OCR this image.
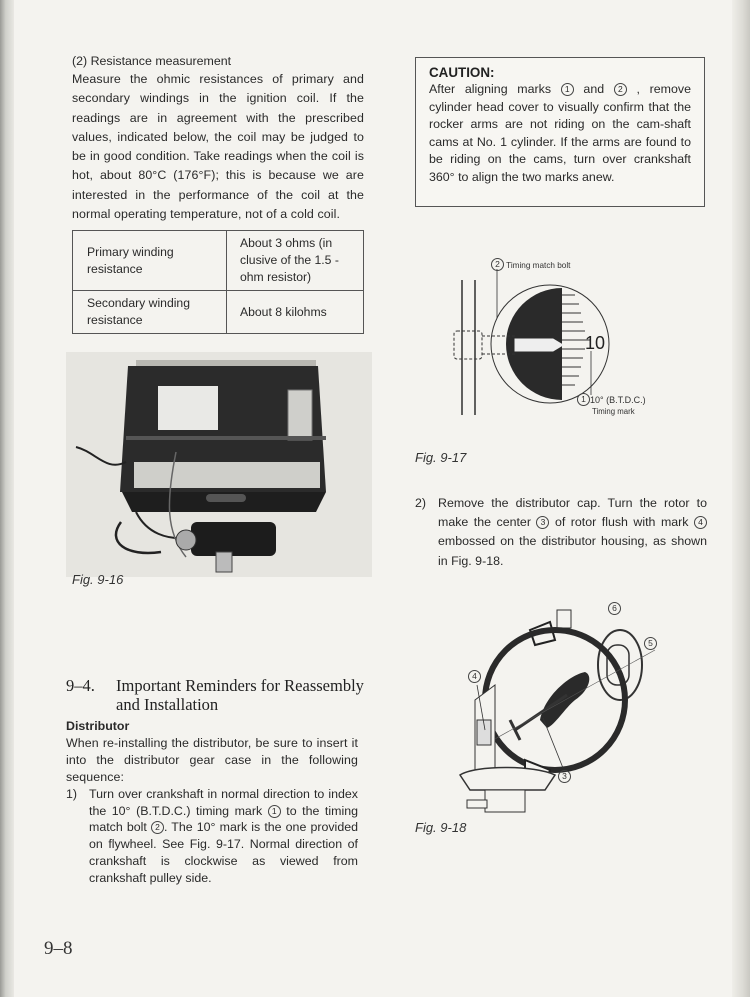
(2) Resistance measurement

Measure the ohmic resistances of primary and secondary windings in the ignition coil. If the readings are in agreement with the prescribed values, indicated below, the coil may be judged to be in good condition. Take readings when the coil is hot, about 80°C (176°F); this is because we are interested in the performance of the coil at the normal operating temperature, not of a cold coil.

Primary winding resistance	About 3 ohms (in clusive of the 1.5 - ohm resistor)
Secondary winding resistance	About 8 kilohms
Fig. 9-16
9–4. Important Reminders for Reassembly
and Installation

Distributor

When re-installing the distributor, be sure to insert it into the distributor gear case in the following sequence:

1) Turn over crankshaft in normal direction to index the 10° (B.T.D.C.) timing mark 1 to the timing match bolt 2 . The 10° mark is the one provided on flywheel. See Fig. 9-17. Normal direction of crankshaft is clockwise as viewed from crankshaft pulley side.
CAUTION:
After aligning marks 1 and 2 , remove cylinder head cover to visually confirm that the rocker arms are not riding on the cam-shaft cams at No. 1 cylinder. If the arms are found to be riding on the cams, turn over crankshaft 360° to align the two marks anew.
2 Timing match bolt
10
1 10° (B.T.D.C.)
Timing mark
Fig. 9-17
2) Remove the distributor cap. Turn the rotor to make the center 3 of rotor flush with mark 4 embossed on the distributor housing, as shown in Fig. 9-18.
3
4
5
6
Fig. 9-18
9–8
